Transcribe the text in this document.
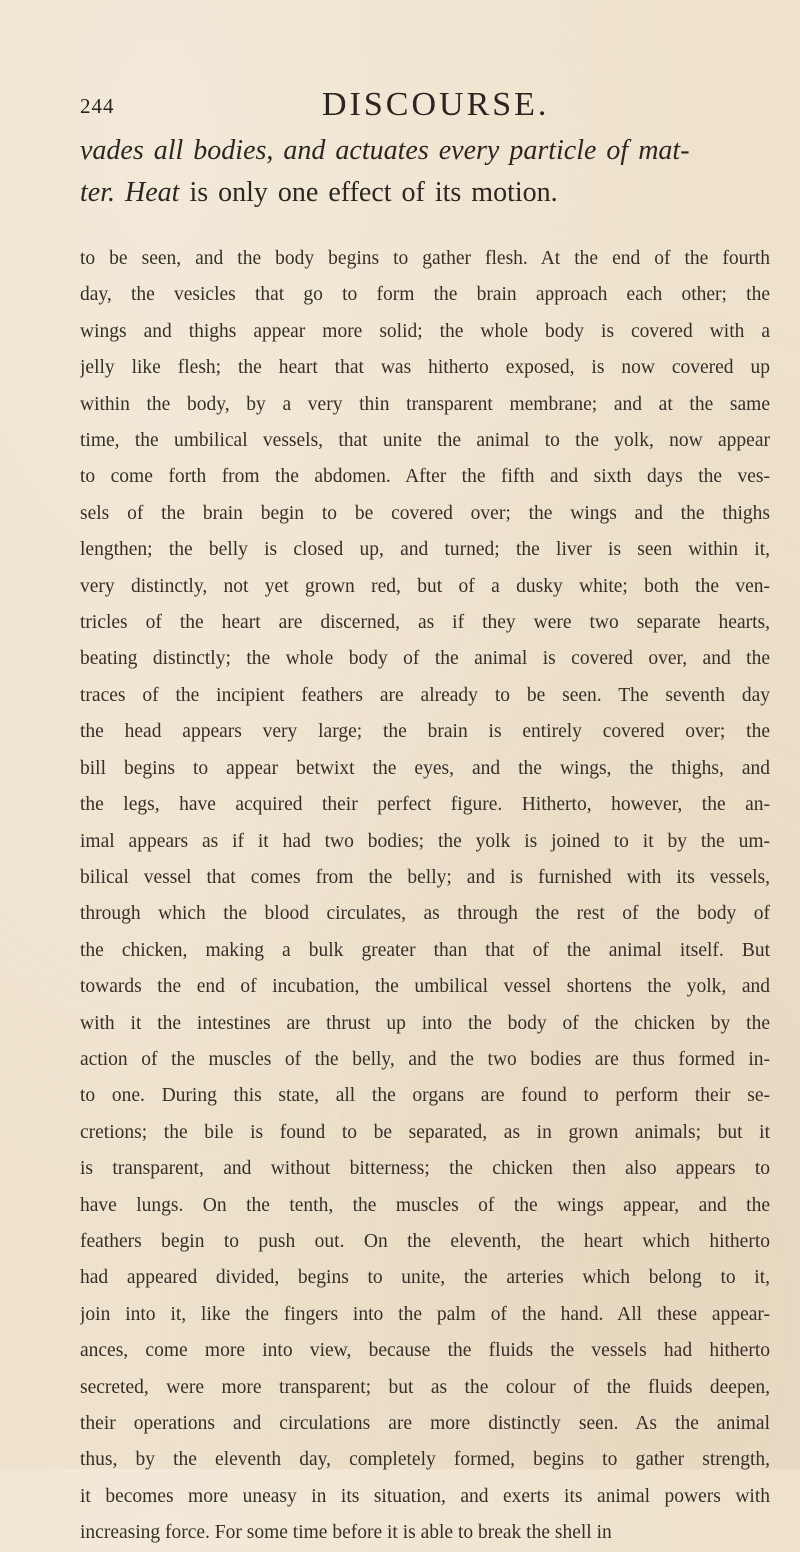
244	DISCOURSE.

vades all bodies, and actuates every particle of mat-
ter. Heat is only one effect of its motion.

to be seen, and the body begins to gather flesh. At the end of the fourth
day, the vesicles that go to form the brain approach each other; the
wings and thighs appear more solid; the whole body is covered with a
jelly like flesh; the heart that was hitherto exposed, is now covered up
within the body, by a very thin transparent membrane; and at the same
time, the umbilical vessels, that unite the animal to the yolk, now appear
to come forth from the abdomen. After the fifth and sixth days the ves-
sels of the brain begin to be covered over; the wings and the thighs
lengthen; the belly is closed up, and turned; the liver is seen within it,
very distinctly, not yet grown red, but of a dusky white; both the ven-
tricles of the heart are discerned, as if they were two separate hearts,
beating distinctly; the whole body of the animal is covered over, and the
traces of the incipient feathers are already to be seen. The seventh day
the head appears very large; the brain is entirely covered over; the
bill begins to appear betwixt the eyes, and the wings, the thighs, and
the legs, have acquired their perfect figure. Hitherto, however, the an-
imal appears as if it had two bodies; the yolk is joined to it by the um-
bilical vessel that comes from the belly; and is furnished with its vessels,
through which the blood circulates, as through the rest of the body of
the chicken, making a bulk greater than that of the animal itself. But
towards the end of incubation, the umbilical vessel shortens the yolk, and
with it the intestines are thrust up into the body of the chicken by the
action of the muscles of the belly, and the two bodies are thus formed in-
to one. During this state, all the organs are found to perform their se-
cretions; the bile is found to be separated, as in grown animals; but it
is transparent, and without bitterness; the chicken then also appears to
have lungs. On the tenth, the muscles of the wings appear, and the
feathers begin to push out. On the eleventh, the heart which hitherto
had appeared divided, begins to unite, the arteries which belong to it,
join into it, like the fingers into the palm of the hand. All these appear-
ances, come more into view, because the fluids the vessels had hitherto
secreted, were more transparent; but as the colour of the fluids deepen,
their operations and circulations are more distinctly seen. As the animal
thus, by the eleventh day, completely formed, begins to gather strength,
it becomes more uneasy in its situation, and exerts its animal powers with
increasing force. For some time before it is able to break the shell in
